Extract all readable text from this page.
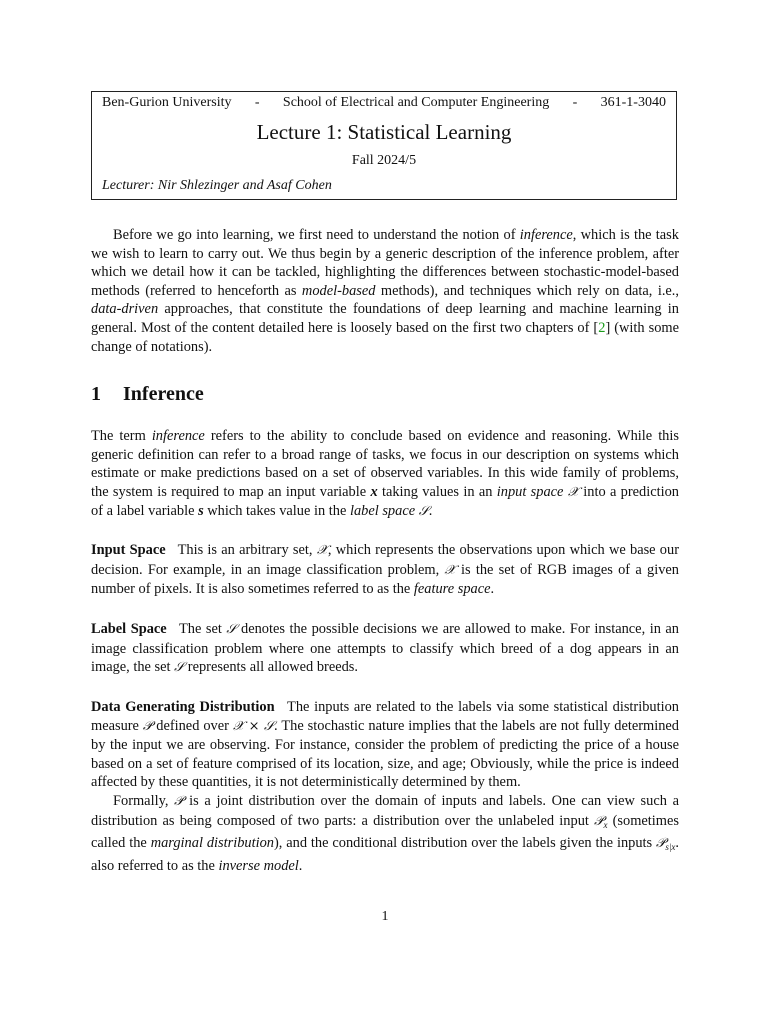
Ben-Gurion University - School of Electrical and Computer Engineering - 361-1-3040
Lecture 1: Statistical Learning
Fall 2024/5
Lecturer: Nir Shlezinger and Asaf Cohen

Before we go into learning, we first need to understand the notion of inference, which is the task we wish to learn to carry out. We thus begin by a generic description of the inference problem, after which we detail how it can be tackled, highlighting the differences between stochastic-model-based methods (referred to henceforth as model-based methods), and techniques which rely on data, i.e., data-driven approaches, that constitute the foundations of deep learning and machine learning in general. Most of the content detailed here is loosely based on the first two chapters of [2] (with some change of notations).

1 Inference

The term inference refers to the ability to conclude based on evidence and reasoning. While this generic definition can refer to a broad range of tasks, we focus in our description on systems which estimate or make predictions based on a set of observed variables. In this wide family of problems, the system is required to map an input variable x taking values in an input space 𝒳 into a prediction of a label variable s which takes value in the label space 𝒮.

Input Space This is an arbitrary set, 𝒳, which represents the observations upon which we base our decision. For example, in an image classification problem, 𝒳 is the set of RGB images of a given number of pixels. It is also sometimes referred to as the feature space.

Label Space The set 𝒮 denotes the possible decisions we are allowed to make. For instance, in an image classification problem where one attempts to classify which breed of a dog appears in an image, the set 𝒮 represents all allowed breeds.

Data Generating Distribution The inputs are related to the labels via some statistical distribution measure 𝒫 defined over 𝒳 × 𝒮. The stochastic nature implies that the labels are not fully determined by the input we are observing. For instance, consider the problem of predicting the price of a house based on a set of feature comprised of its location, size, and age; Obviously, while the price is indeed affected by these quantities, it is not deterministically determined by them.

Formally, 𝒫 is a joint distribution over the domain of inputs and labels. One can view such a distribution as being composed of two parts: a distribution over the unlabeled input 𝒫$_x$ (sometimes called the marginal distribution), and the conditional distribution over the labels given the inputs 𝒫$_{s|x}$. also referred to as the inverse model.

1
